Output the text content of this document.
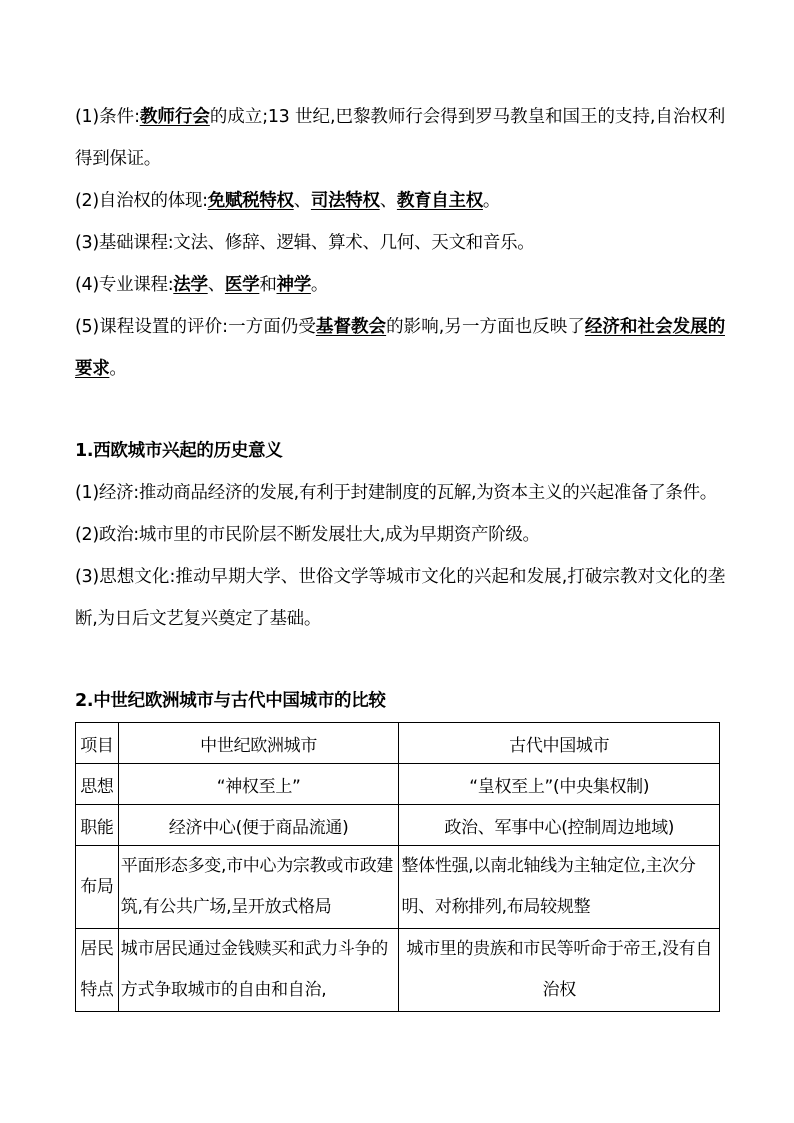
(1)条件:教师行会的成立;13 世纪,巴黎教师行会得到罗马教皇和国王的支持,自治权利得到保证。

(2)自治权的体现:免赋税特权、司法特权、教育自主权。

(3)基础课程:文法、修辞、逻辑、算术、几何、天文和音乐。

(4)专业课程:法学、医学和神学。

(5)课程设置的评价:一方面仍受基督教会的影响,另一方面也反映了经济和社会发展的要求。

1.西欧城市兴起的历史意义

(1)经济:推动商品经济的发展,有利于封建制度的瓦解,为资本主义的兴起准备了条件。

(2)政治:城市里的市民阶层不断发展壮大,成为早期资产阶级。

(3)思想文化:推动早期大学、世俗文学等城市文化的兴起和发展,打破宗教对文化的垄断,为日后文艺复兴奠定了基础。

2.中世纪欧洲城市与古代中国城市的比较
项目	中世纪欧洲城市	古代中国城市
思想	“神权至上”	“皇权至上”(中央集权制)
职能	经济中心(便于商品流通)	政治、军事中心(控制周边地域)
布局	平面形态多变,市中心为宗教或市政建筑,有公共广场,呈开放式格局	整体性强,以南北轴线为主轴定位,主次分明、对称排列,布局较规整
居民特点	城市居民通过金钱赎买和武力斗争的方式争取城市的自由和自治,	城市里的贵族和市民等听命于帝王,没有自治权
